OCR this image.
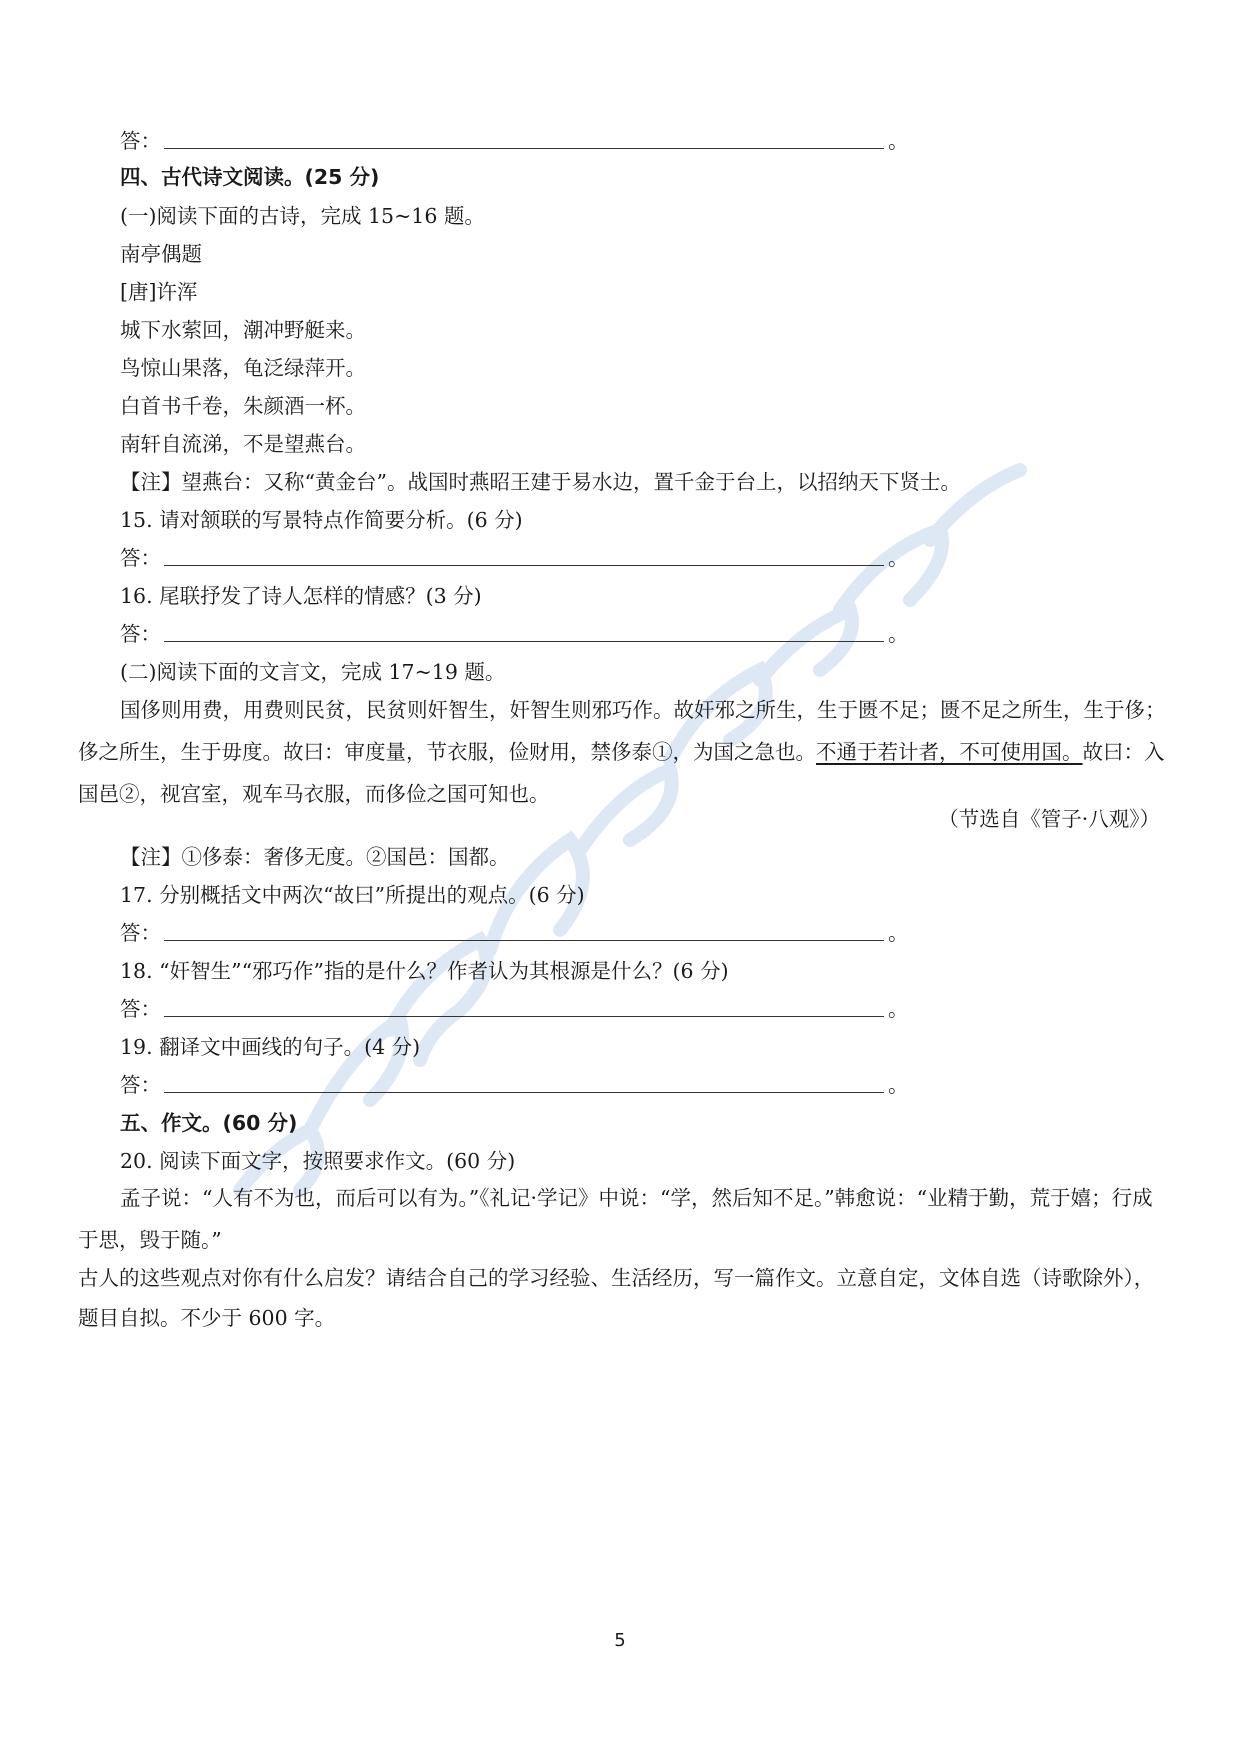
答：	。
四、古代诗文阅读。(25 分)
(一)阅读下面的古诗，完成 15~16 题。
南亭偶题
[唐]许浑
城下水萦回，潮冲野艇来。
鸟惊山果落，龟泛绿萍开。
白首书千卷，朱颜酒一杯。
南轩自流涕，不是望燕台。
【注】望燕台：又称“黄金台”。战国时燕昭王建于易水边，置千金于台上，以招纳天下贤士。
15. 请对颔联的写景特点作简要分析。(6 分)
答：	。
16. 尾联抒发了诗人怎样的情感？(3 分)
答：	。
(二)阅读下面的文言文，完成 17~19 题。
国侈则用费，用费则民贫，民贫则奸智生，奸智生则邪巧作。故奸邪之所生，生于匮不足；匮不足之所生，生于侈；侈之所生，生于毋度。故曰：审度量，节衣服，俭财用，禁侈泰①，为国之急也。不通于若计者，不可使用国。故曰：入国邑②，视宫室，观车马衣服，而侈俭之国可知也。
（节选自《管子·八观》）
【注】①侈泰：奢侈无度。②国邑：国都。
17. 分别概括文中两次“故曰”所提出的观点。(6 分)
答：	。
18. “奸智生”“邪巧作”指的是什么？作者认为其根源是什么？(6 分)
答：	。
19. 翻译文中画线的句子。(4 分)
答：	。
五、作文。(60 分)
20. 阅读下面文字，按照要求作文。(60 分)
孟子说：“人有不为也，而后可以有为。”《礼记·学记》中说：“学，然后知不足。”韩愈说：“业精于勤，荒于嬉；行成于思，毁于随。”
古人的这些观点对你有什么启发？请结合自己的学习经验、生活经历，写一篇作文。立意自定，文体自选（诗歌除外），题目自拟。不少于 600 字。
5
